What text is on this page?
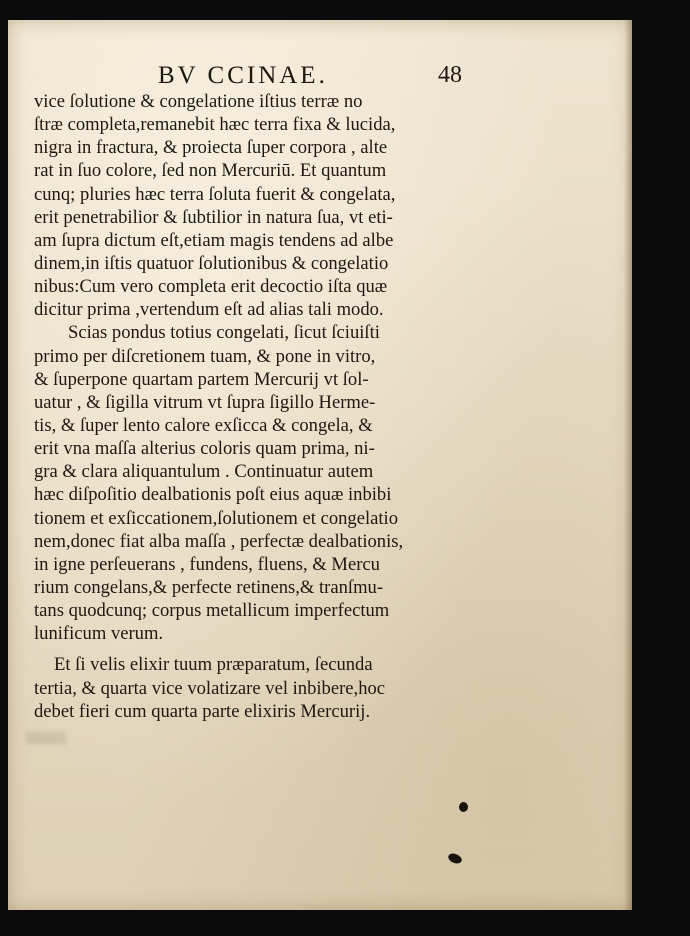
BV CCINAE.	48
vice ſolutione & congelatione iſtius terræ no
ſtræ completa,remanebit hæc terra fixa & lucida,
nigra in fractura, & proiecta ſuper corpora , alte
rat in ſuo colore, ſed non Mercuriū. Et quantum
cunq; pluries hæc terra ſoluta fuerit & congelata,
erit penetrabilior & ſubtilior in natura ſua, vt eti-
am ſupra dictum eſt,etiam magis tendens ad albe
dinem,in iſtis quatuor ſolutionibus & congelatio
nibus:Cum vero completa erit decoctio iſta quæ
dicitur prima ,vertendum eſt ad alias tali modo.
Scias pondus totius congelati, ſicut ſciuiſti
primo per diſcretionem tuam, & pone in vitro,
& ſuperpone quartam partem Mercurij vt ſol-
uatur , & ſigilla vitrum vt ſupra ſigillo Herme-
tis, & ſuper lento calore exſicca & congela, &
erit vna maſſa alterius coloris quam prima, ni-
gra & clara aliquantulum . Continuatur autem
hæc diſpoſitio dealbationis poſt eius aquæ inbibi
tionem et exſiccationem,ſolutionem et congelatio
nem,donec fiat alba maſſa , perfectæ dealbationis,
in igne perſeuerans , fundens, fluens, & Mercu
rium congelans,& perfecte retinens,& tranſmu-
tans quodcunq; corpus metallicum imperfectum
lunificum verum.
Et ſi velis elixir tuum præparatum, ſecunda
tertia, & quarta vice volatizare vel inbibere,hoc
debet fieri cum quarta parte elixiris Mercurij.
